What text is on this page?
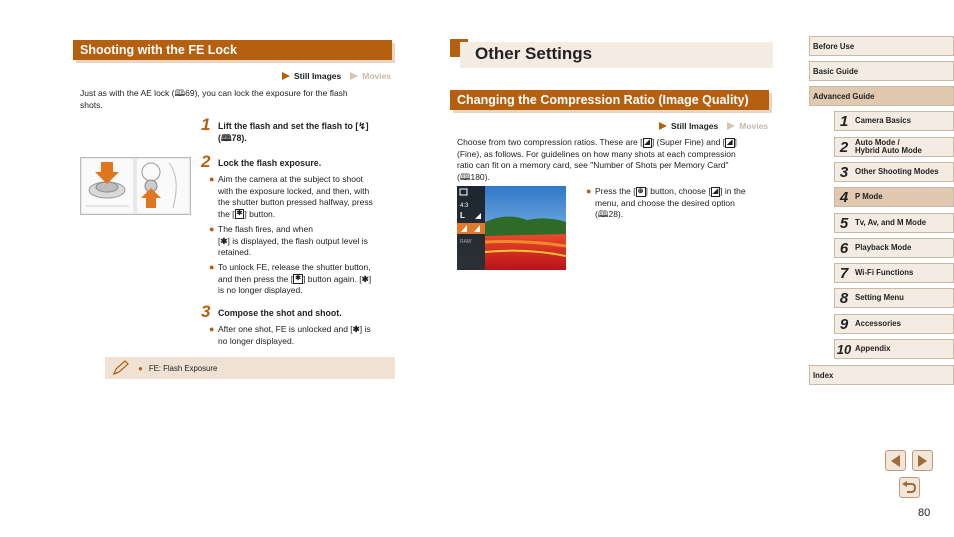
Shooting with the FE Lock
Still Images Movies
Just as with the AE lock (🕮69), you can lock the exposure for the flash
shots.
1 Lift the flash and set the flash to [↯]
(🕮78).
2 Lock the flash exposure.
● Aim the camera at the subject to shoot
with the exposure locked, and then, with
the shutter button pressed halfway, press
the [ ✱ ] button.
● The flash fires, and when
[✱] is displayed, the flash output level is
retained.
● To unlock FE, release the shutter button,
and then press the [ ✱ ] button again. [✱]
is no longer displayed.
3 Compose the shot and shoot.
● After one shot, FE is unlocked and [✱] is
no longer displayed.
● FE: Flash Exposure
Other Settings
Changing the Compression Ratio (Image Quality)
Still Images Movies
Choose from two compression ratios. These are [ ◢ ] (Super Fine) and [ ◢ ]
(Fine), as follows. For guidelines on how many shots at each compression
ratio can fit on a memory card, see "Number of Shots per Memory Card"
(🕮180).
4:3
L
RAW
● Press the [ ⊛ ] button, choose [ ◢ ] in the
menu, and choose the desired option
(🕮28).
Before Use
Basic Guide
Advanced Guide
1 Camera Basics
2 Auto Mode /
Hybrid Auto Mode
3 Other Shooting Modes
4 P Mode
5 Tv, Av, and M Mode
6 Playback Mode
7 Wi-Fi Functions
8 Setting Menu
9 Accessories
10 Appendix
Index
80
